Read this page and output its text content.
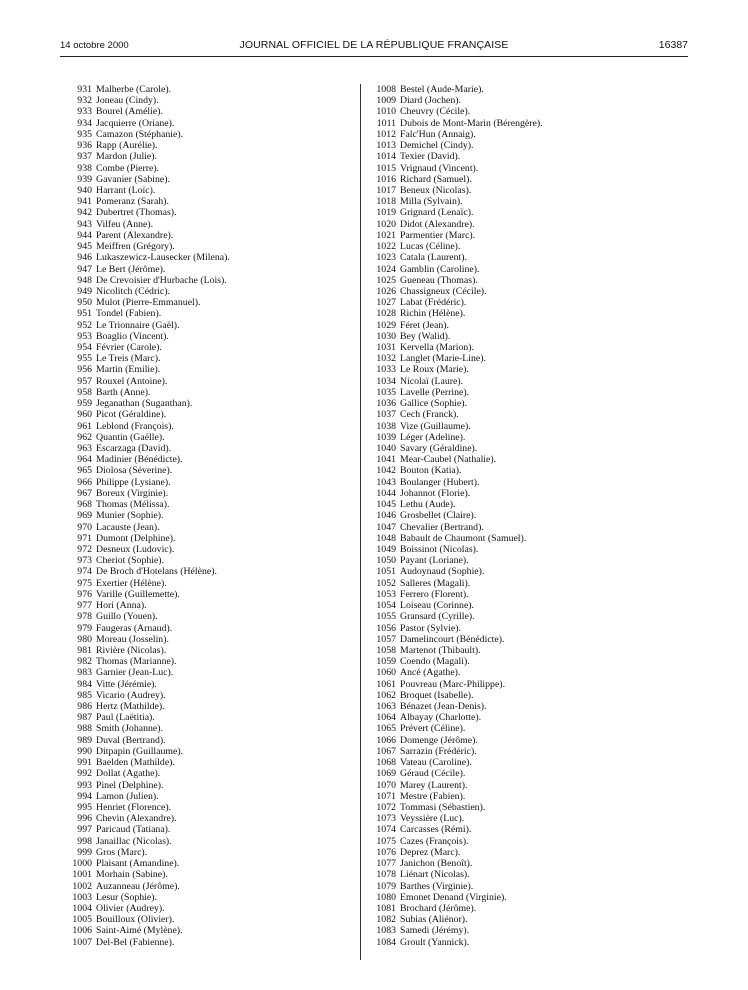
14 octobre 2000	JOURNAL OFFICIEL DE LA RÉPUBLIQUE FRANÇAISE	16387
931 Malherbe (Carole).
932 Joneau (Cindy).
933 Bourel (Amélie).
934 Jacquierre (Oriane).
935 Camazon (Stéphanie).
936 Rapp (Aurélie).
937 Mardon (Julie).
938 Combe (Pierre).
939 Gavanier (Sabine).
940 Harrant (Loïc).
941 Pomeranz (Sarah).
942 Dubertret (Thomas).
943 Vilfeu (Anne).
944 Parent (Alexandre).
945 Meiffren (Grégory).
946 Lukaszewicz-Lausecker (Milena).
947 Le Bert (Jérôme).
948 De Crevoisier d'Hurbache (Lois).
949 Nicolitch (Cédric).
950 Mulot (Pierre-Emmanuel).
951 Tondel (Fabien).
952 Le Trionnaire (Gaël).
953 Boaglio (Vincent).
954 Février (Carole).
955 Le Treis (Marc).
956 Martin (Emilie).
957 Rouxel (Antoine).
958 Barth (Anne).
959 Jeganathan (Suganthan).
960 Picot (Géraldine).
961 Leblond (François).
962 Quantin (Gaëlle).
963 Escarzaga (David).
964 Madinier (Bénédicte).
965 Diolosa (Séverine).
966 Philippe (Lysiane).
967 Boreux (Virginie).
968 Thomas (Mélissa).
969 Munier (Sophie).
970 Lacauste (Jean).
971 Dumont (Delphine).
972 Desneux (Ludovic).
973 Cheriot (Sophie).
974 De Broch d'Hotelans (Hélène).
975 Exertier (Hélène).
976 Varille (Guillemette).
977 Hori (Anna).
978 Guillo (Youen).
979 Faugeras (Arnaud).
980 Moreau (Josselin).
981 Rivière (Nicolas).
982 Thomas (Marianne).
983 Garnier (Jean-Luc).
984 Vitte (Jérémie).
985 Vicario (Audrey).
986 Hertz (Mathilde).
987 Paul (Laëtitia).
988 Smith (Johanne).
989 Duval (Bertrand).
990 Ditpapin (Guillaume).
991 Baelden (Mathilde).
992 Dollat (Agathe).
993 Pinel (Delphine).
994 Lamon (Julien).
995 Henriet (Florence).
996 Chevin (Alexandre).
997 Paricaud (Tatiana).
998 Janaillac (Nicolas).
999 Gros (Marc).
1000 Plaisant (Amandine).
1001 Morhain (Sabine).
1002 Auzanneau (Jérôme).
1003 Lesur (Sophie).
1004 Olivier (Audrey).
1005 Bouilloux (Olivier).
1006 Saint-Aimé (Mylène).
1007 Del-Bel (Fabienne).
1008 Bestel (Aude-Marie).
1009 Diard (Jochen).
1010 Cheuvry (Cécile).
1011 Dubois de Mont-Marin (Bérengère).
1012 Falc'Hun (Annaig).
1013 Demichel (Cindy).
1014 Texier (David).
1015 Vrignaud (Vincent).
1016 Richard (Samuel).
1017 Beneux (Nicolas).
1018 Milla (Sylvain).
1019 Grignard (Lenaïc).
1020 Didot (Alexandre).
1021 Parmentier (Marc).
1022 Lucas (Céline).
1023 Catala (Laurent).
1024 Gamblin (Caroline).
1025 Gueneau (Thomas).
1026 Chassigneux (Cécile).
1027 Labat (Frédéric).
1028 Richin (Hélène).
1029 Féret (Jean).
1030 Bey (Walid).
1031 Kervella (Marion).
1032 Langlet (Marie-Line).
1033 Le Roux (Marie).
1034 Nicolaï (Laure).
1035 Lavelle (Perrine).
1036 Gallice (Sophie).
1037 Cech (Franck).
1038 Vize (Guillaume).
1039 Léger (Adeline).
1040 Savary (Géraldine).
1041 Mear-Caubel (Nathalie).
1042 Bouton (Katia).
1043 Boulanger (Hubert).
1044 Johannot (Florie).
1045 Lethu (Aude).
1046 Grosbellet (Claire).
1047 Chevalier (Bertrand).
1048 Babault de Chaumont (Samuel).
1049 Boissinot (Nicolas).
1050 Payant (Loriane).
1051 Audoynaud (Sophie).
1052 Salleres (Magali).
1053 Ferrero (Florent).
1054 Loiseau (Corinne).
1055 Gransard (Cyrille).
1056 Pastor (Sylvie).
1057 Damelincourt (Bénédicte).
1058 Martenot (Thibault).
1059 Coendo (Magali).
1060 Ancé (Agathe).
1061 Pouvreau (Marc-Philippe).
1062 Broquet (Isabelle).
1063 Bénazet (Jean-Denis).
1064 Albayay (Charlotte).
1065 Prévert (Céline).
1066 Domenge (Jérôme).
1067 Sarrazin (Frédéric).
1068 Vateau (Caroline).
1069 Géraud (Cécile).
1070 Marey (Laurent).
1071 Mestre (Fabien).
1072 Tommasi (Sébastien).
1073 Veyssière (Luc).
1074 Carcasses (Rémi).
1075 Cazes (François).
1076 Deprez (Marc).
1077 Janichon (Benoît).
1078 Liénart (Nicolas).
1079 Barthes (Virginie).
1080 Emonet Denand (Virginie).
1081 Brochard (Jérôme).
1082 Subias (Aliénor).
1083 Samedi (Jérémy).
1084 Groult (Yannick).
